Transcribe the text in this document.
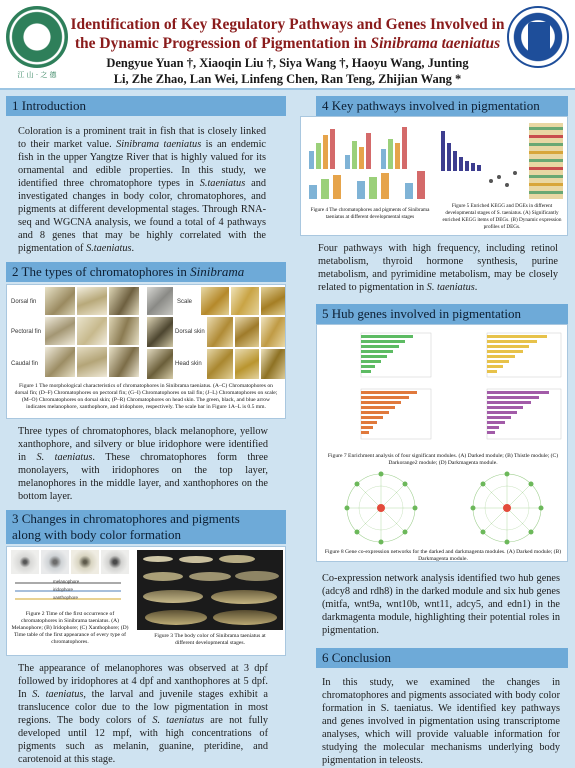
江 山 · 之 德
Identification of Key Regulatory Pathways and Genes Involved in
the Dynamic Progression of Pigmentation in Sinibrama taeniatus
Dengyue Yuan †, Xiaoqin Liu †, Siya Wang †, Haoyu Wang, Junting
Li, Zhe Zhao, Lan Wei, Linfeng Chen, Ran Teng, Zhijian Wang *
1 Introduction
Coloration is a prominent trait in fish that is closely linked to their market value. Sinibrama taeniatus is an endemic fish in the upper Yangtze River that is highly valued for its ornamental and edible properties. In this study, we identified three chromatophore types in S.taeniatus and investigated changes in body color, chromatophores, and pigments at different developmental stages. Through RNA-seq and WGCNA analysis, we found a total of 4 pathways and 8 genes that may be highly correlated with the pigmentation of S.taeniatus.
2 The types of chromatophores in Sinibrama
Dorsal fin
Pectoral fin
Caudal fin
Scale
Dorsal skin
Head skin
Figure 1 The morphological characteristics of chromatophores in Sinibrama taeniatus. (A–C) Chromatophores on dorsal fin; (D–F) Chromatophores on pectoral fin; (G–I) Chromatophores on tail fin; (J–L) Chromatophores on scale; (M–O) Chromatophores on dorsal skin; (P–R) Chromatophores on head skin. The green, black, and blue arrow indicates melanophore, xanthophore, and iridophore, respectively. The scale bar in Figure 1A–L is 0.5 mm.
Three types of chromatophores, black melanophore, yellow xanthophore, and silvery or blue iridophore were identified in S. taeniatus. These chromatophores form three monolayers, with iridophores on the top layer, melanophores in the middle layer, and xanthophores on the bottom layer.
3 Changes in chromatophores and pigments
along with body color formation
melanophore
iridophore
xanthophore
Figure 2 Time of the first occurrence of chromatophores in Sinibrama taeniatus. (A) Melanophore; (B) Iridophore; (C) Xanthophore; (D) Time table of the first appearance of every type of chromatophores.
Figure 3 The body color of Sinibrama taeniatus at different developmental stages.
The appearance of melanophores was observed at 3 dpf followed by iridophores at 4 dpf and xanthophores at 5 dpf. In S. taeniatus, the larval and juvenile stages exhibit a translucence color due to the low pigmentation in most regions. The body colors of S. taeniatus are not fully developed until 12 mpf, with high concentrations of pigments such as melanin, guanine, pteridine, and carotenoid at this stage.
4 Key pathways involved in pigmentation
Figure 4 The chromatophores and pigments of Sinibrama taeniatus at different developmental stages
Figure 5 Enriched KEGG and DGEs in different developmental stages of S. taeniatus. (A) Significantly enriched KEGG items of DEGs. (B) Dynamic expression profiles of DEGs.
Four pathways with high frequency, including retinol metabolism, thyroid hormone synthesis, purine metabolism, and pyrimidine metabolism, may be closely related to pigmentation in S. taeniatus.
5 Hub genes involved in pigmentation
Figure 7 Enrichment analysis of four significant modules. (A) Darked module; (B) Thistle module; (C) Darkorange2 module; (D) Darkmagenta module.
Figure 8 Gene co-expression networks for the darked and darkmagenta modules. (A) Darked module; (B) Darkmagenta module.
Co-expression network analysis identified two hub genes (adcy8 and rdh8) in the darked module and six hub genes (mitfa, wnt9a, wnt10b, wnt11, adcy5, and edn1) in the darkmagenta module, highlighting their potential roles in pigmentation.
6 Conclusion
In this study, we examined the changes in chromatophores and pigments associated with body color formation in S. taeniatus. We identified key pathways and genes involved in pigmentation using transcriptome analyses, which will provide valuable information for studying the molecular mechanisms underlying body pigmentation in teleosts.
